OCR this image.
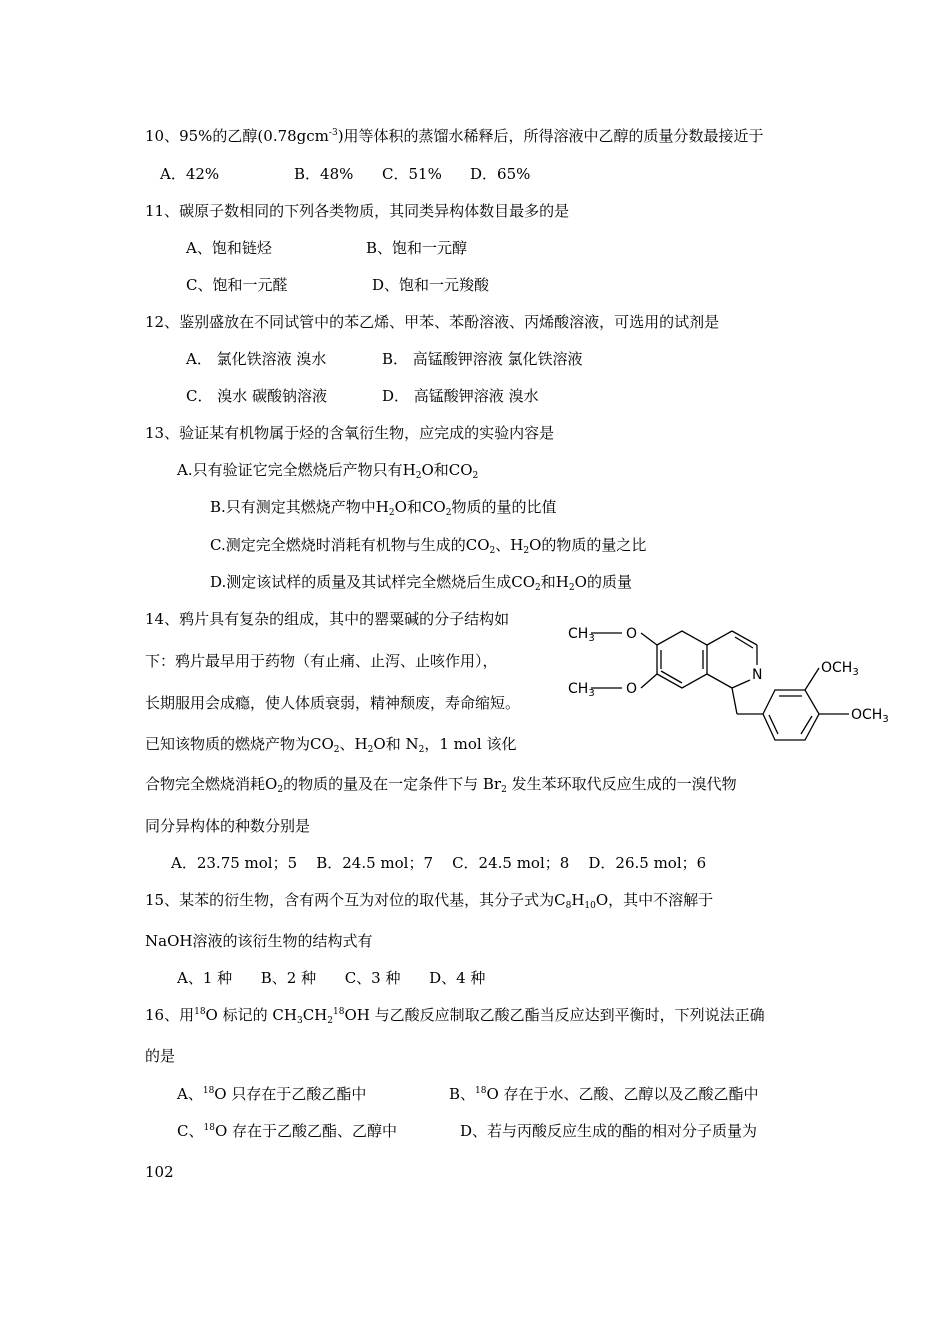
10、95%的乙醇(0.78gcm$^{-3}$)用等体积的蒸馏水稀释后，所得溶液中乙醇的质量分数最接近于
A．42%	B．48% C．51% D．65%
11、碳原子数相同的下列各类物质，其同类异构体数目最多的是
A、饱和链烃	B、饱和一元醇
C、饱和一元醛	D、饱和一元羧酸
12、鉴别盛放在不同试管中的苯乙烯、甲苯、苯酚溶液、丙烯酸溶液，可选用的试剂是
A． 氯化铁溶液 溴水	B． 高锰酸钾溶液 氯化铁溶液
C． 溴水 碳酸钠溶液	D． 高锰酸钾溶液 溴水
13、验证某有机物属于烃的含氧衍生物，应完成的实验内容是
A.只有验证它完全燃烧后产物只有$H_2O$和$CO_2$
B.只有测定其燃烧产物中$H_2O$和$CO_2$物质的量的比值
C.测定完全燃烧时消耗有机物与生成的$CO_2$、$H_2O$的物质的量之比
D.测定该试样的质量及其试样完全燃烧后生成$CO_2$和$H_2O$的质量
14、鸦片具有复杂的组成，其中的罂粟碱的分子结构如
下：鸦片最早用于药物（有止痛、止泻、止咳作用），
长期服用会成瘾，使人体质衰弱，精神颓废，寿命缩短。
已知该物质的燃烧产物为$CO_2$、$H_2O$和 $N_2$，1 mol 该化
合物完全燃烧消耗$O_2$的物质的量及在一定条件下与 $Br_2$ 发生苯环取代反应生成的一溴代物
同分异构体的种数分别是
A．23.75 mol；5    B．24.5 mol；7    C．24.5 mol；8    D．26.5 mol；6
$CH_3$ O
$CH_3$ O
N	$OCH_3$
$OCH_3$
15、某苯的衍生物，含有两个互为对位的取代基，其分子式为$C_8H_{10}O$，其中不溶解于
NaOH溶液的该衍生物的结构式有
A、1 种      B、2 种      C、3 种      D、4 种
16、用$^{18}$O 标记的 $CH_3CH_2^{18}OH$ 与乙酸反应制取乙酸乙酯当反应达到平衡时，下列说法正确
的是
A、$^{18}$O 只存在于乙酸乙酯中	B、$^{18}$O 存在于水、乙酸、乙醇以及乙酸乙酯中
C、$^{18}$O 存在于乙酸乙酯、乙醇中	D、若与丙酸反应生成的酯的相对分子质量为
102
